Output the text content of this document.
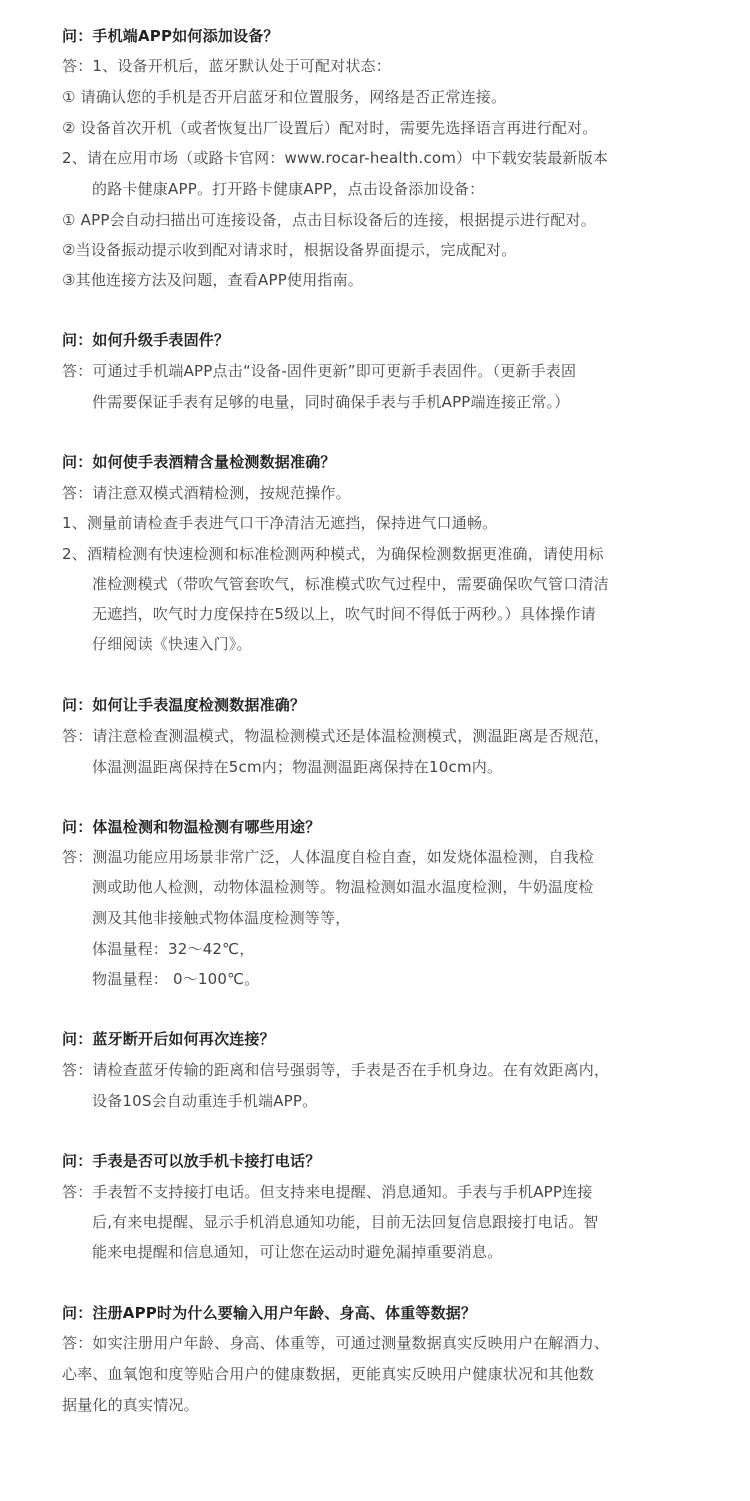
问：手机端APP如何添加设备？
答：1、设备开机后，蓝牙默认处于可配对状态：
① 请确认您的手机是否开启蓝牙和位置服务，网络是否正常连接。
② 设备首次开机（或者恢复出厂设置后）配对时，需要先选择语言再进行配对。
2、请在应用市场（或路卡官网：www.rocar-health.com）中下载安装最新版本
的路卡健康APP。打开路卡健康APP，点击设备添加设备：
① APP会自动扫描出可连接设备，点击目标设备后的连接，根据提示进行配对。
②当设备振动提示收到配对请求时，根据设备界面提示，完成配对。
③其他连接方法及问题，查看APP使用指南。
问：如何升级手表固件？
答：可通过手机端APP点击“设备-固件更新”即可更新手表固件。（更新手表固
件需要保证手表有足够的电量，同时确保手表与手机APP端连接正常。）
问：如何使手表酒精含量检测数据准确？
答：请注意双模式酒精检测，按规范操作。
1、测量前请检查手表进气口干净清洁无遮挡，保持进气口通畅。
2、酒精检测有快速检测和标准检测两种模式，为确保检测数据更准确，请使用标
准检测模式（带吹气管套吹气，标准模式吹气过程中，需要确保吹气管口清洁
无遮挡，吹气时力度保持在5级以上，吹气时间不得低于两秒。）具体操作请
仔细阅读《快速入门》。
问：如何让手表温度检测数据准确？
答：请注意检查测温模式，物温检测模式还是体温检测模式，测温距离是否规范，
体温测温距离保持在5cm内；物温测温距离保持在10cm内。
问：体温检测和物温检测有哪些用途？
答：测温功能应用场景非常广泛，人体温度自检自查，如发烧体温检测，自我检
测或助他人检测，动物体温检测等。物温检测如温水温度检测，牛奶温度检
测及其他非接触式物体温度检测等等，
体温量程：32～42℃，
物温量程： 0～100℃。
问：蓝牙断开后如何再次连接？
答：请检查蓝牙传输的距离和信号强弱等，手表是否在手机身边。在有效距离内，
设备10S会自动重连手机端APP。
问：手表是否可以放手机卡接打电话？
答：手表暂不支持接打电话。但支持来电提醒、消息通知。手表与手机APP连接
后,有来电提醒、显示手机消息通知功能，目前无法回复信息跟接打电话。智
能来电提醒和信息通知，可让您在运动时避免漏掉重要消息。
问：注册APP时为什么要输入用户年龄、身高、体重等数据？
答：如实注册用户年龄、身高、体重等，可通过测量数据真实反映用户在解酒力、
心率、血氧饱和度等贴合用户的健康数据，更能真实反映用户健康状况和其他数
据量化的真实情况。
